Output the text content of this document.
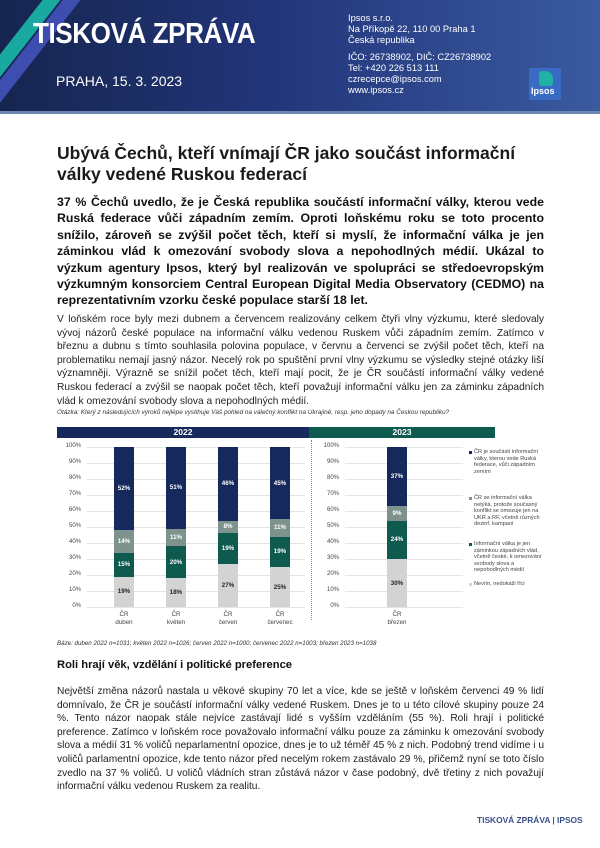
TISKOVÁ ZPRÁVA
PRAHA, 15. 3. 2023
Ipsos s.r.o.
Na Příkopě 22, 110 00 Praha 1
Česká republika
IČO: 26738902, DIČ: CZ26738902
Tel: +420 226 513 111
czrecepce@ipsos.com
www.ipsos.cz	Ipsos
Ubývá Čechů, kteří vnímají ČR jako součást informační války vedené Ruskou federací

37 % Čechů uvedlo, že je Česká republika součástí informační války, kterou vede Ruská federace vůči západním zemím. Oproti loňskému roku se toto procento snížilo, zároveň se zvýšil počet těch, kteří si myslí, že informační válka je jen záminkou vlád k omezování svobody slova a nepohodlných médií. Ukázal to výzkum agentury Ipsos, který byl realizován ve spolupráci se středoevropským výzkumným konsorciem Central European Digital Media Observatory (CEDMO) na reprezentativním vzorku české populace starší 18 let.

V loňském roce byly mezi dubnem a červencem realizovány celkem čtyři vlny výzkumu, které sledovaly vývoj názorů české populace na informační válku vedenou Ruskem vůči západním zemím. Zatímco v březnu a dubnu s tímto souhlasila polovina populace, v červnu a červenci se zvýšil počet těch, kteří na problematiku nemají jasný názor. Necelý rok po spuštění první vlny výzkumu se výsledky stejné otázky liší významněji. Výrazně se snížil počet těch, kteří mají pocit, že je ČR součástí informační války vedené Ruskou federací a zvýšil se naopak počet těch, kteří považují informační válku jen za záminku západních vlád k omezování svobody slova a nepohodlných médií.

Otázka: Který z následujících výroků nejlépe vystihuje Váš pohled na válečný konflikt na Ukrajině, resp. jeho dopady na Českou republiku?
2022	2023
0%
10%
20%
30%
40%
50%
60%
70%
80%
90%
100%
19%
15%
14%
52%
ČR
duben
18%
20%
11%
51%
ČR
květen
27%
19%
8%
46%
ČR
červen
25%
19%
11%
45%
ČR
červenec
0%
10%
20%
30%
40%
50%
60%
70%
80%
90%
100%
30%
24%
9%
37%
ČR
březen
ČR je součástí informační války, kterou vede Ruská federace, vůči západním zemím
ČR se informační válka netýká, protože současný konflikt se omezuje jen na UKR a RF, včetně různých dezinf. kampaní
Informační válka je jen záminkou západních vlád, včetně české, k omezování svobody slova a nepohodlných médií
Nevím, nedokáži říci
Báze: duben 2022 n=1031; květen 2022 n=1026; červen 2022 n=1000; červenec 2022 n=1003; březen 2023 n=1038
Roli hrají věk, vzdělání i politické preference

Největší změna názorů nastala u věkové skupiny 70 let a více, kde se ještě v loňském červenci 49 % lidí domnívalo, že ČR je součástí informační války vedené Ruskem. Dnes je to u této cílové skupiny pouze 24 %. Tento názor naopak stále nejvíce zastávají lidé s vyšším vzděláním (55 %). Roli hrají i politické preference. Zatímco v loňském roce považovalo informační válku pouze za záminku k omezování svobody slova a médií 31 % voličů neparlamentní opozice, dnes je to už téměř 45 % z nich. Podobný trend vidíme i u voličů parlamentní opozice, kde tento názor před necelým rokem zastávalo 29 %, přičemž nyní se toto číslo zvedlo na 37 % voličů. U voličů vládních stran zůstává názor v čase podobný, dvě třetiny z nich považují informační válku vedenou Ruskem za realitu.

TISKOVÁ ZPRÁVA | IPSOS
